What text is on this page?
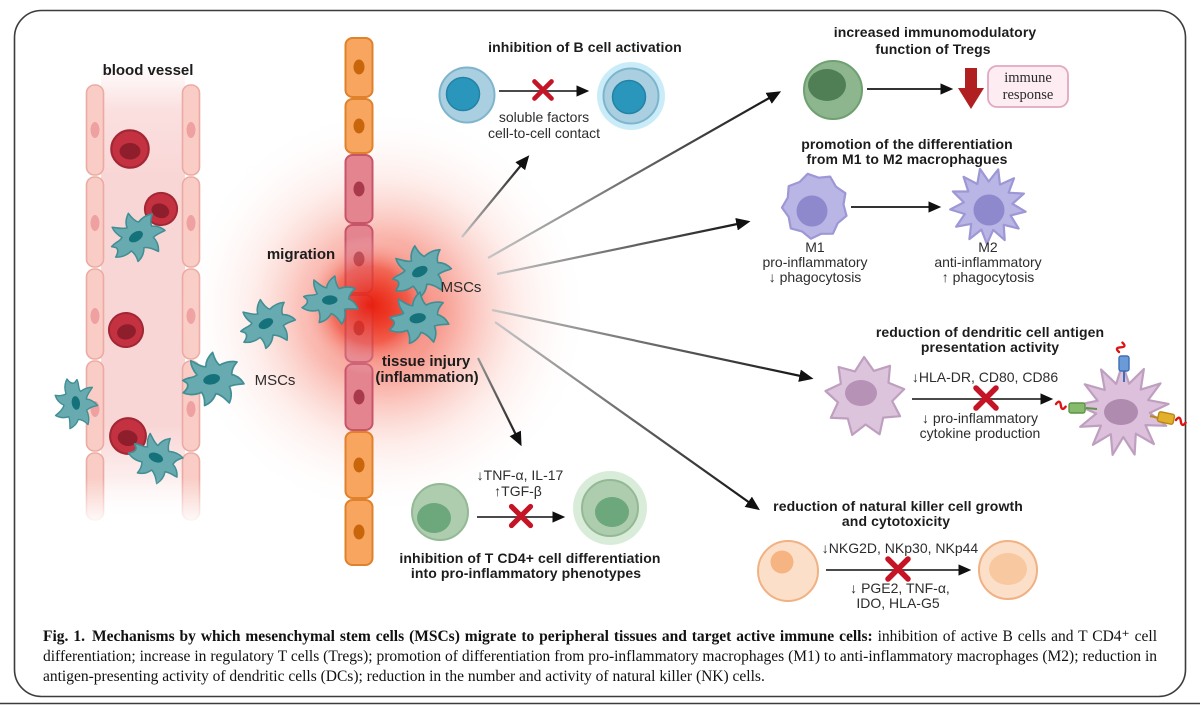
blood vessel
migration
MSCs
MSCs
tissue injury
(inflammation)
inhibition of B cell activation
soluble factors
cell-to-cell contact
increased immunomodulatory
function of Tregs
immune
response
promotion of the differentiation
from M1 to M2 macrophagues
M1
pro-inflammatory
↓ phagocytosis
M2
anti-inflammatory
↑ phagocytosis
reduction of dendritic cell antigen
presentation activity
↓HLA-DR, CD80, CD86
↓ pro-inflammatory
cytokine production
reduction of natural killer cell growth
and cytotoxicity
↓NKG2D, NKp30, NKp44
↓ PGE2, TNF-α,
IDO, HLA-G5
↓TNF-α, IL-17
↑TGF-β
inhibition of T CD4+ cell differentiation
into pro-inflammatory phenotypes
Fig. 1. Mechanisms by which mesenchymal stem cells (MSCs) migrate to peripheral tissues and target active immune cells: inhibition of active B cells and T CD4⁺ cell differentiation; increase in regulatory T cells (Tregs); promotion of differentiation from pro-inflammatory macrophages (M1) to anti-inflammatory macrophages (M2); reduction in antigen-presenting activity of dendritic cells (DCs); reduction in the number and activity of natural killer (NK) cells.
